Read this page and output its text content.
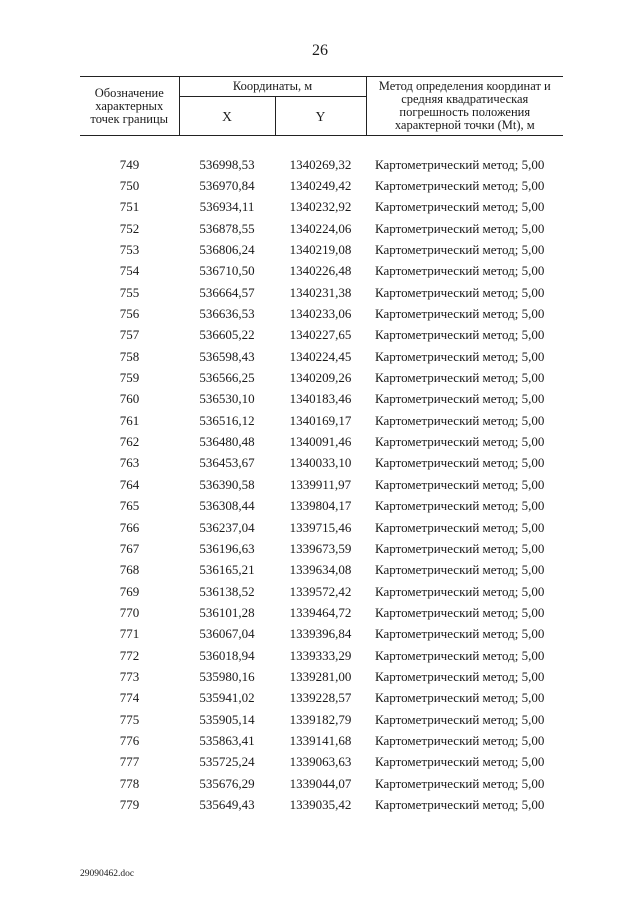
26
Обозначение характерных точек границы	Координаты, м		Метод определения координат и средняя квадратическая погрешность положения характерной точки (Mt), м
	X	Y	

749	536998,53	1340269,32	Картометрический метод; 5,00
750	536970,84	1340249,42	Картометрический метод; 5,00
751	536934,11	1340232,92	Картометрический метод; 5,00
752	536878,55	1340224,06	Картометрический метод; 5,00
753	536806,24	1340219,08	Картометрический метод; 5,00
754	536710,50	1340226,48	Картометрический метод; 5,00
755	536664,57	1340231,38	Картометрический метод; 5,00
756	536636,53	1340233,06	Картометрический метод; 5,00
757	536605,22	1340227,65	Картометрический метод; 5,00
758	536598,43	1340224,45	Картометрический метод; 5,00
759	536566,25	1340209,26	Картометрический метод; 5,00
760	536530,10	1340183,46	Картометрический метод; 5,00
761	536516,12	1340169,17	Картометрический метод; 5,00
762	536480,48	1340091,46	Картометрический метод; 5,00
763	536453,67	1340033,10	Картометрический метод; 5,00
764	536390,58	1339911,97	Картометрический метод; 5,00
765	536308,44	1339804,17	Картометрический метод; 5,00
766	536237,04	1339715,46	Картометрический метод; 5,00
767	536196,63	1339673,59	Картометрический метод; 5,00
768	536165,21	1339634,08	Картометрический метод; 5,00
769	536138,52	1339572,42	Картометрический метод; 5,00
770	536101,28	1339464,72	Картометрический метод; 5,00
771	536067,04	1339396,84	Картометрический метод; 5,00
772	536018,94	1339333,29	Картометрический метод; 5,00
773	535980,16	1339281,00	Картометрический метод; 5,00
774	535941,02	1339228,57	Картометрический метод; 5,00
775	535905,14	1339182,79	Картометрический метод; 5,00
776	535863,41	1339141,68	Картометрический метод; 5,00
777	535725,24	1339063,63	Картометрический метод; 5,00
778	535676,29	1339044,07	Картометрический метод; 5,00
779	535649,43	1339035,42	Картометрический метод; 5,00
29090462.doc
